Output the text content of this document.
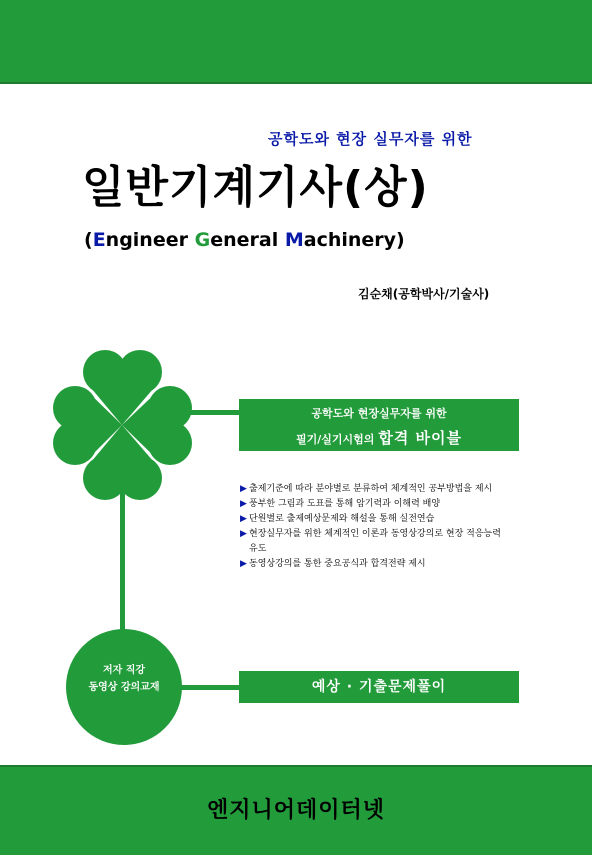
공학도와 현장 실무자를 위한
일반기계기사(상)
(Engineer General Machinery)
김순채(공학박사/기술사)
공학도와 현장실무자를 위한
필기/실기시험의 합격 바이블
▶ 출제기준에 따라 분야별로 분류하여 체계적인 공부방법을 제시
▶ 풍부한 그림과 도표를 통해 암기력과 이해력 배양
▶ 단원별로 출제예상문제와 해설을 통해 실전연습
▶ 현장실무자를 위한 체계적인 이론과 동영상강의로 현장 적응능력 유도
▶ 동영상강의를 통한 중요공식과 합격전략 제시
저자 직강
동영상 강의교재	예상 · 기출문제풀이
엔지니어데이터넷
